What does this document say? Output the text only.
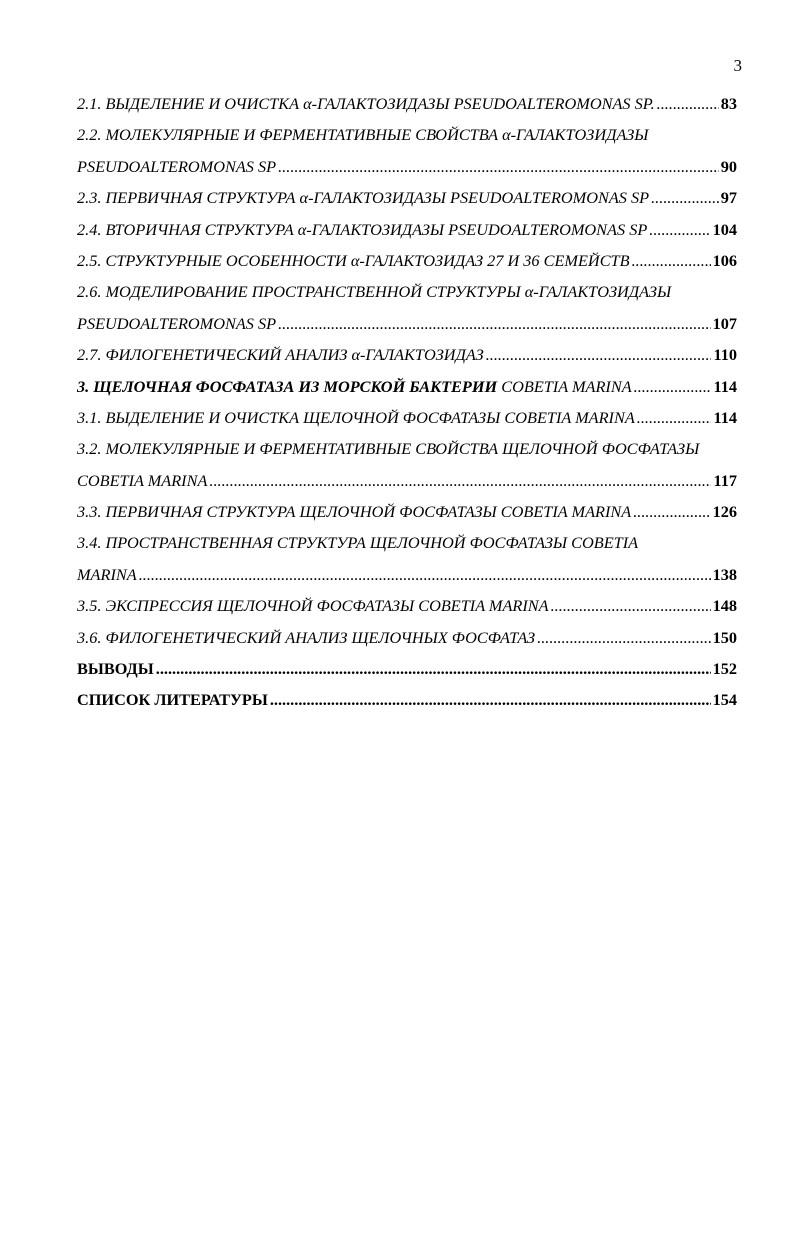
3
2.1. ВЫДЕЛЕНИЕ И ОЧИСТКА α-ГАЛАКТОЗИДАЗЫ PSEUDOALTEROMONAS SP. .....	83
2.2. МОЛЕКУЛЯРНЫЕ И ФЕРМЕНТАТИВНЫЕ СВОЙСТВА α-ГАЛАКТОЗИДАЗЫ
PSEUDOALTEROMONAS SP .....	90
2.3. ПЕРВИЧНАЯ СТРУКТУРА α-ГАЛАКТОЗИДАЗЫ PSEUDOALTEROMONAS SP .....	97
2.4. ВТОРИЧНАЯ СТРУКТУРА α-ГАЛАКТОЗИДАЗЫ PSEUDOALTEROMONAS SP .....	104
2.5. СТРУКТУРНЫЕ ОСОБЕННОСТИ α-ГАЛАКТОЗИДАЗ 27 И 36 СЕМЕЙСТВ .....	106
2.6. МОДЕЛИРОВАНИЕ ПРОСТРАНСТВЕННОЙ СТРУКТУРЫ α-ГАЛАКТОЗИДАЗЫ
PSEUDOALTEROMONAS SP .....	107
2.7. ФИЛОГЕНЕТИЧЕСКИЙ АНАЛИЗ α-ГАЛАКТОЗИДАЗ .....	110
3. ЩЕЛОЧНАЯ ФОСФАТАЗА ИЗ МОРСКОЙ БАКТЕРИИ COBETIA MARINA .....	114
3.1. ВЫДЕЛЕНИЕ И ОЧИСТКА ЩЕЛОЧНОЙ ФОСФАТАЗЫ COBETIA MARINA .....	114
3.2. МОЛЕКУЛЯРНЫЕ И ФЕРМЕНТАТИВНЫЕ СВОЙСТВА ЩЕЛОЧНОЙ ФОСФАТАЗЫ
COBETIA MARINA .....	117
3.3. ПЕРВИЧНАЯ СТРУКТУРА ЩЕЛОЧНОЙ ФОСФАТАЗЫ COBETIA MARINA .....	126
3.4. ПРОСТРАНСТВЕННАЯ СТРУКТУРА ЩЕЛОЧНОЙ ФОСФАТАЗЫ COBETIA
MARINA .....	138
3.5. ЭКСПРЕССИЯ ЩЕЛОЧНОЙ ФОСФАТАЗЫ COBETIA MARINA .....	148
3.6. ФИЛОГЕНЕТИЧЕСКИЙ АНАЛИЗ ЩЕЛОЧНЫХ ФОСФАТАЗ .....	150
ВЫВОДЫ .....	152
СПИСОК ЛИТЕРАТУРЫ .....	154
